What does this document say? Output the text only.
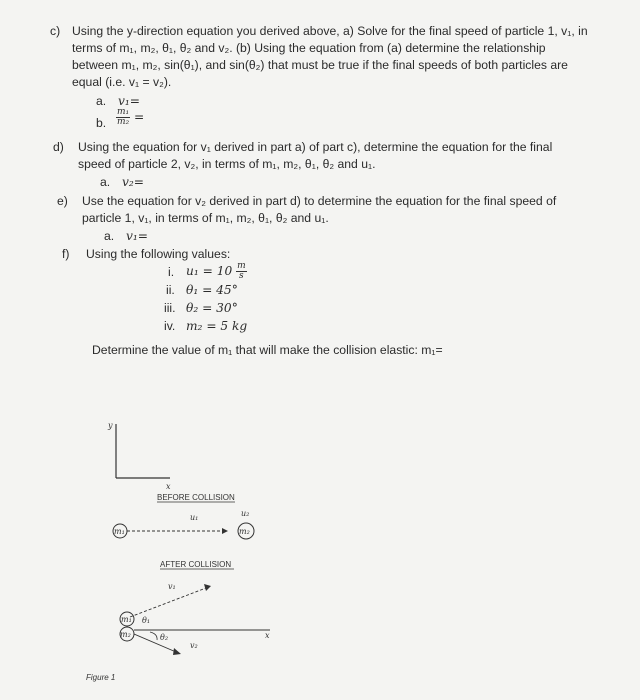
c) Using the y-direction equation you derived above, a) Solve for the final speed of particle 1, v₁, in
terms of m₁, m₂, θ₁, θ₂ and v₂. (b) Using the equation from (a) determine the relationship
between m₁, m₂, sin(θ₁), and sin(θ₂) that must be true if the final speeds of both particles are
equal (i.e. v₁ = v₂).
a. v₁=
b. $\frac{\text{m₁}}{\text{m₂}}$ =
d) Using the equation for v₁ derived in part a) of part c), determine the equation for the final
speed of particle 2, v₂, in terms of m₁, m₂, θ₁, θ₂ and u₁.
a. v₂=
e) Use the equation for v₂ derived in part d) to determine the equation for the final speed of
particle 1, v₁, in terms of m₁, m₂, θ₁, θ₂ and u₁.
a. v₁=
f) Using the following values:
i. $u_1 = 10 \frac{m}{s}$
ii. θ₁ = 45°
iii. θ₂ = 30°
iv. m₂ = 5 kg
Determine the value of m₁ that will make the collision elastic: m₁=
y
x
BEFORE COLLISION
u₁	u₂
m₁	m₂
AFTER COLLISION
v₁
m₁ θ₁
x
m₂	θ₂
v₂
Figure 1
